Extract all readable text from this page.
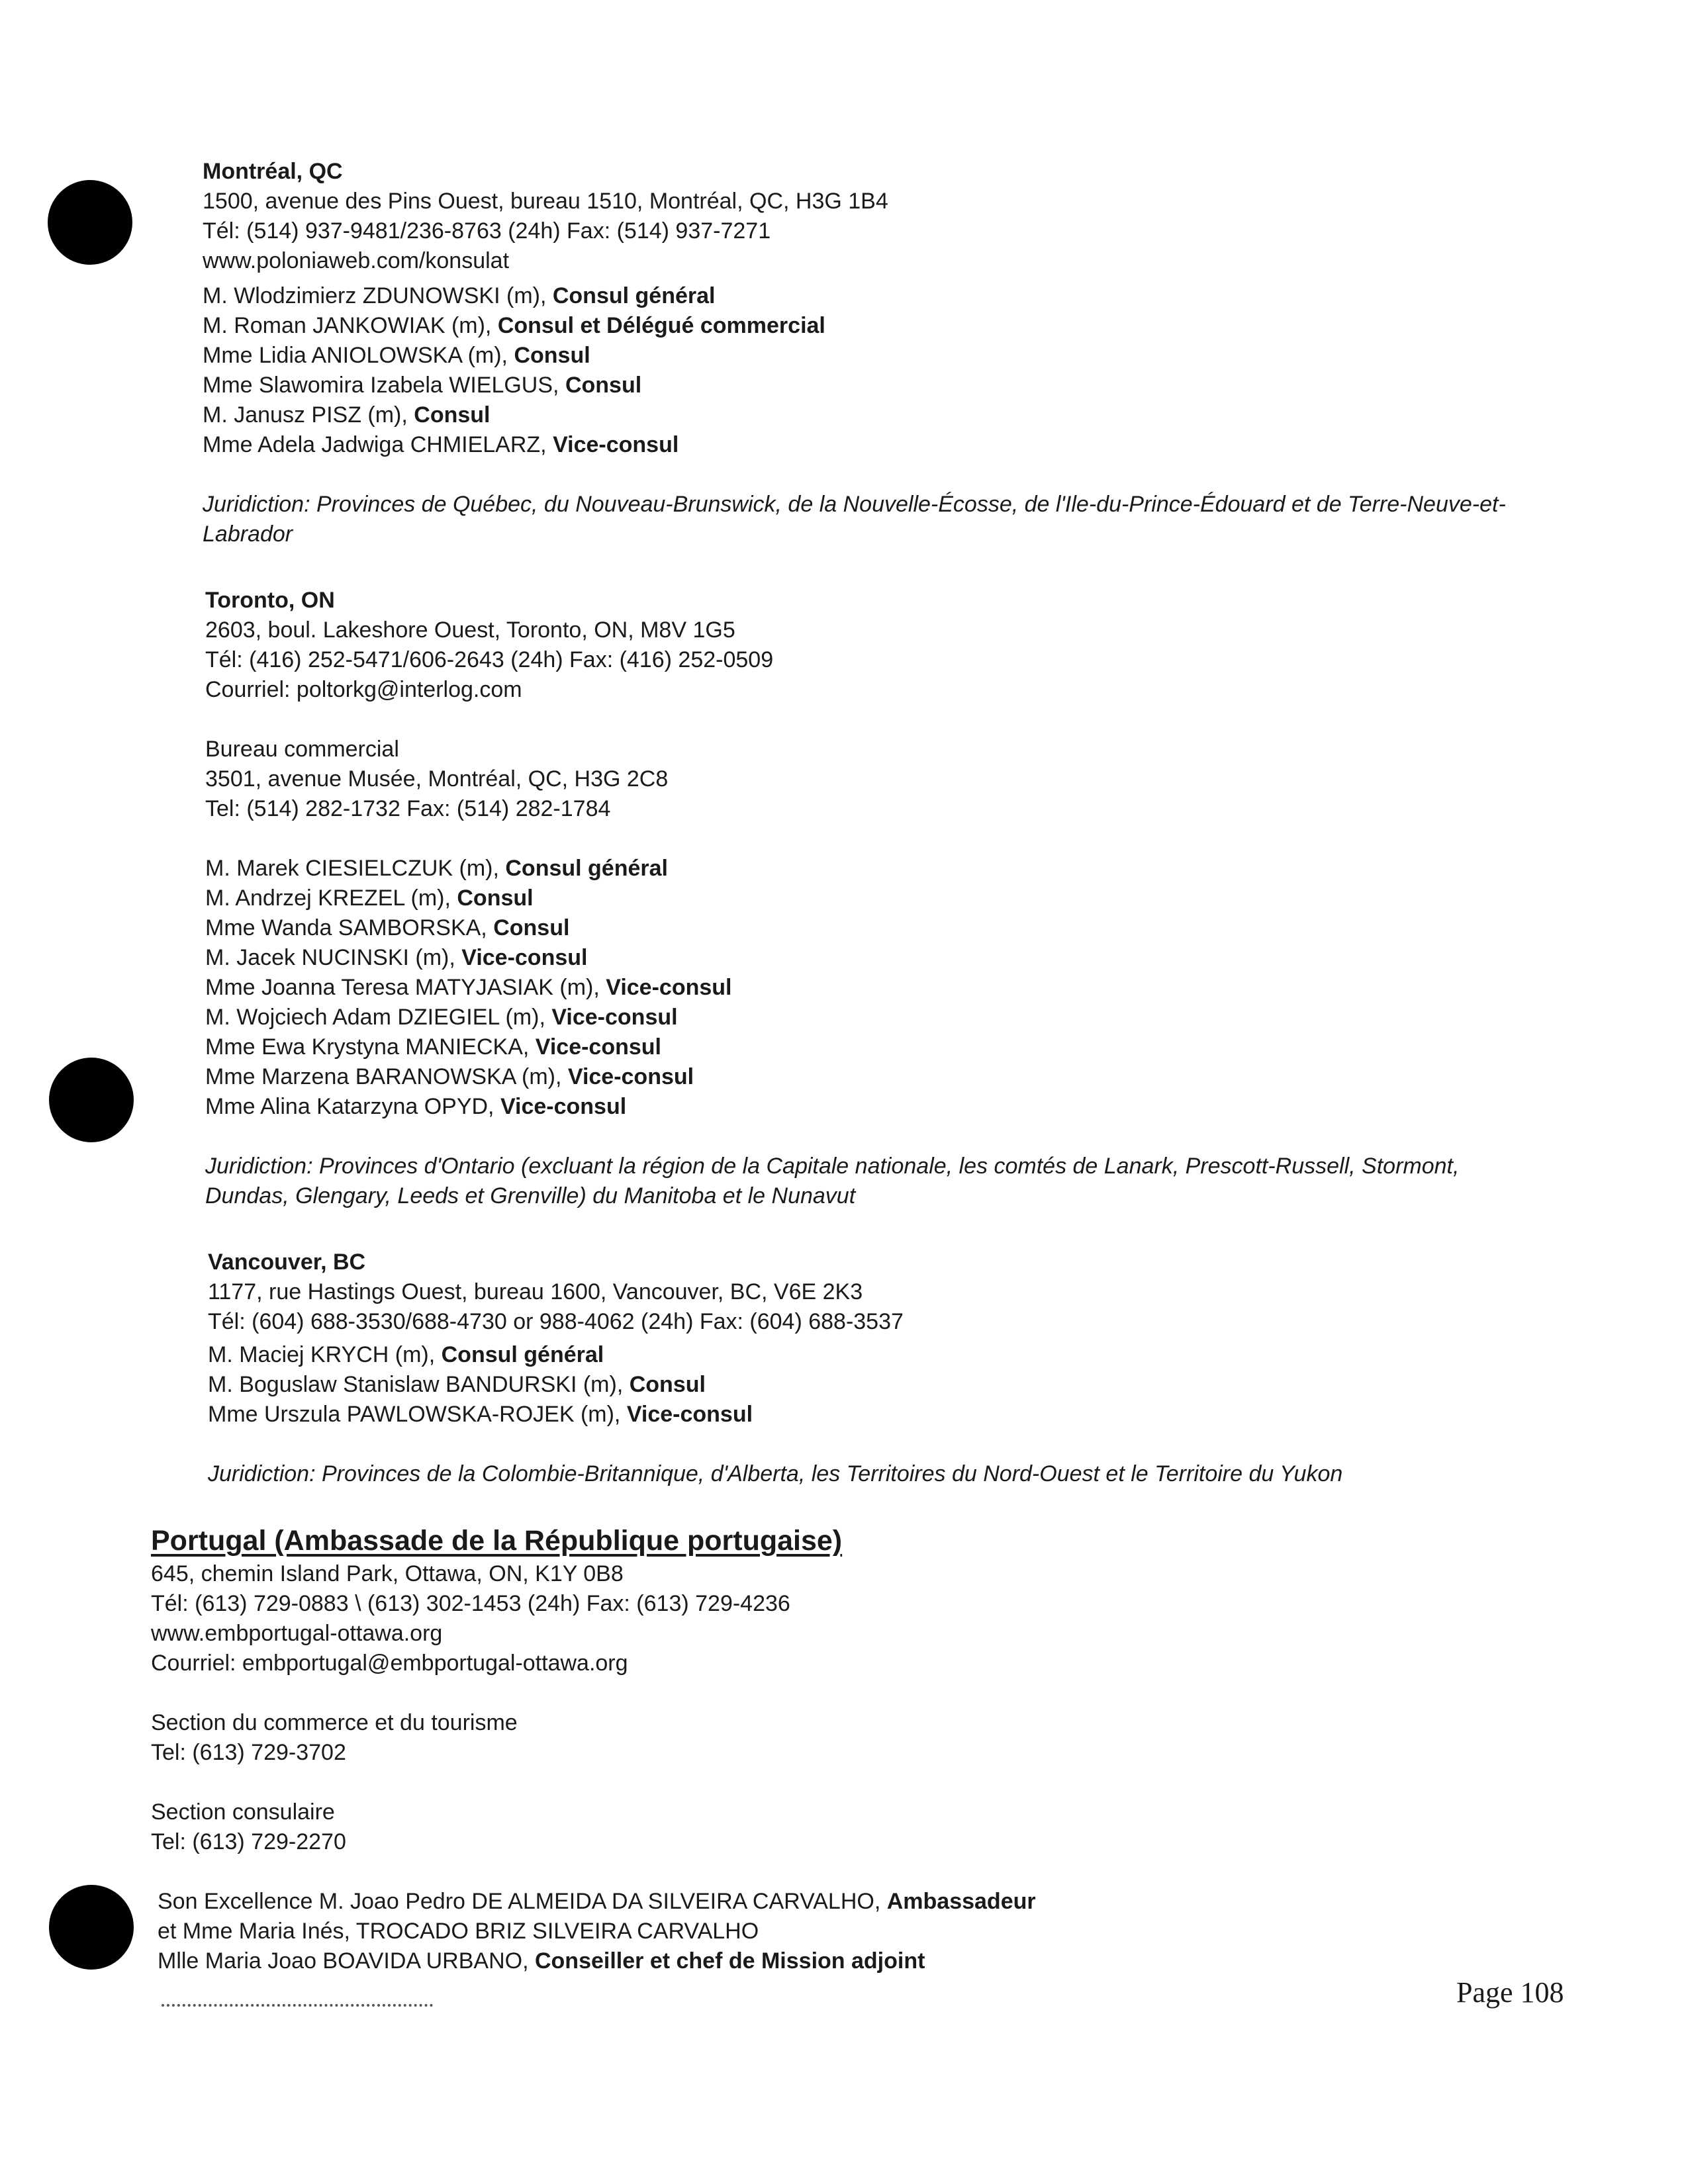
Montréal, QC

1500, avenue des Pins Ouest, bureau 1510, Montréal, QC, H3G 1B4

Tél: (514) 937-9481/236-8763 (24h) Fax: (514) 937-7271

www.poloniaweb.com/konsulat

M. Wlodzimierz ZDUNOWSKI (m), Consul général

M. Roman JANKOWIAK (m), Consul et Délégué commercial

Mme Lidia ANIOLOWSKA (m), Consul

Mme Slawomira Izabela WIELGUS, Consul

M. Janusz PISZ (m), Consul

Mme Adela Jadwiga CHMIELARZ, Vice-consul

Juridiction: Provinces de Québec, du Nouveau-Brunswick, de la Nouvelle-Écosse, de l'Ile-du-Prince-Édouard et de Terre-Neuve-et-Labrador

Toronto, ON

2603, boul. Lakeshore Ouest, Toronto, ON, M8V 1G5

Tél: (416) 252-5471/606-2643 (24h) Fax: (416) 252-0509

Courriel: poltorkg@interlog.com

Bureau commercial

3501, avenue Musée, Montréal, QC, H3G 2C8

Tel: (514) 282-1732 Fax: (514) 282-1784

M. Marek CIESIELCZUK (m), Consul général

M. Andrzej KREZEL (m), Consul

Mme Wanda SAMBORSKA, Consul

M. Jacek NUCINSKI (m), Vice-consul

Mme Joanna Teresa MATYJASIAK (m), Vice-consul

M. Wojciech Adam DZIEGIEL (m), Vice-consul

Mme Ewa Krystyna MANIECKA, Vice-consul

Mme Marzena BARANOWSKA (m), Vice-consul

Mme Alina Katarzyna OPYD, Vice-consul

Juridiction: Provinces d'Ontario (excluant la région de la Capitale nationale, les comtés de Lanark, Prescott-Russell, Stormont, Dundas, Glengary, Leeds et Grenville) du Manitoba et le Nunavut

Vancouver, BC

1177, rue Hastings Ouest, bureau 1600, Vancouver, BC, V6E 2K3

Tél: (604) 688-3530/688-4730 or 988-4062 (24h) Fax: (604) 688-3537

M. Maciej KRYCH (m), Consul général

M. Boguslaw Stanislaw BANDURSKI (m), Consul

Mme Urszula PAWLOWSKA-ROJEK (m), Vice-consul

Juridiction: Provinces de la Colombie-Britannique, d'Alberta, les Territoires du Nord-Ouest et le Territoire du Yukon

Portugal (Ambassade de la République portugaise)

645, chemin Island Park, Ottawa, ON, K1Y 0B8

Tél: (613) 729-0883 \ (613) 302-1453 (24h) Fax: (613) 729-4236

www.embportugal-ottawa.org

Courriel: embportugal@embportugal-ottawa.org

Section du commerce et du tourisme

Tel: (613) 729-3702

Section consulaire

Tel: (613) 729-2270

Son Excellence M. Joao Pedro DE ALMEIDA DA SILVEIRA CARVALHO, Ambassadeur

et Mme Maria Inés, TROCADO BRIZ SILVEIRA CARVALHO

Mlle Maria Joao BOAVIDA URBANO, Conseiller et chef de Mission adjoint

Page 108
